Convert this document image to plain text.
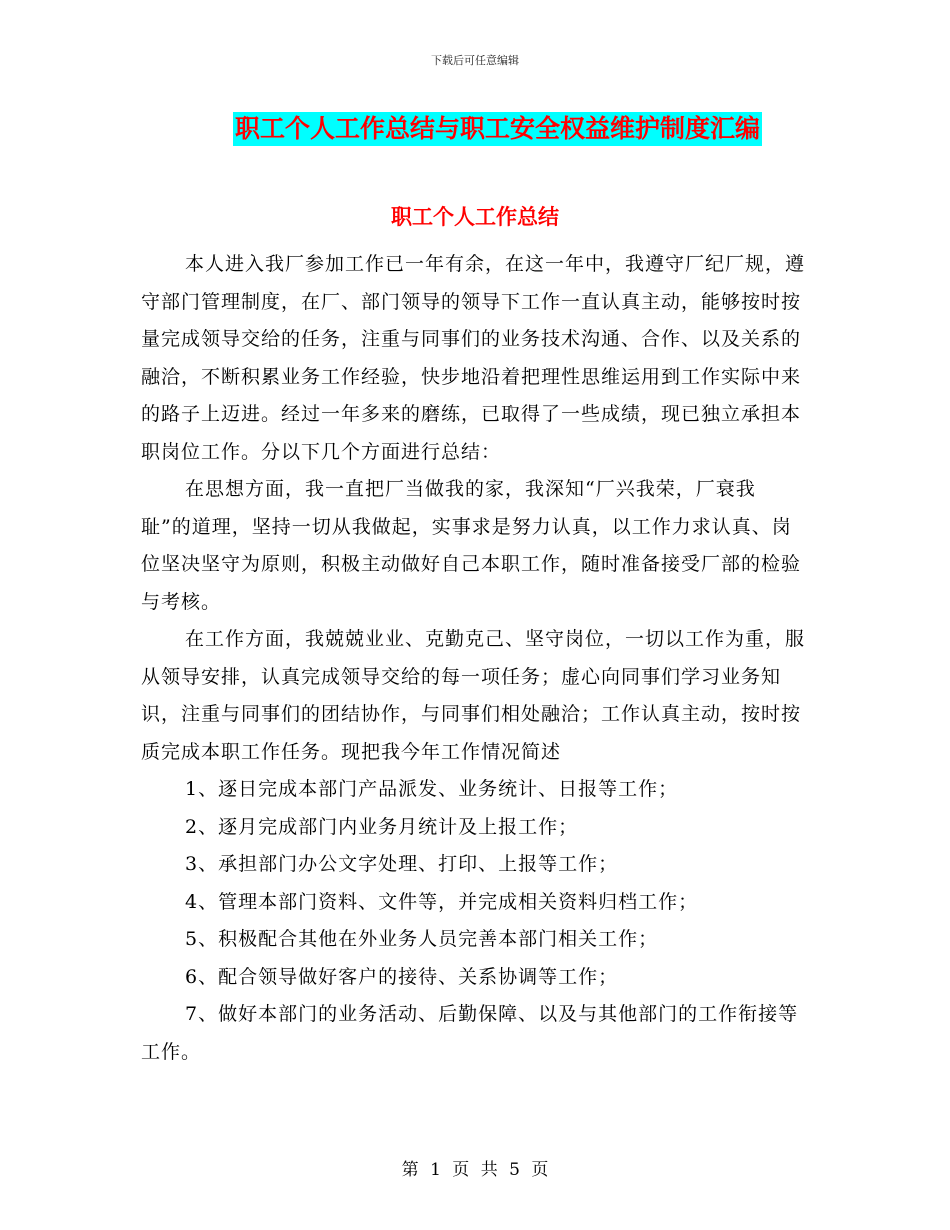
下载后可任意编辑
职工个人工作总结与职工安全权益维护制度汇编
职工个人工作总结

本人进入我厂参加工作已一年有余，在这一年中，我遵守厂纪厂规，遵守部门管理制度，在厂、部门领导的领导下工作一直认真主动，能够按时按量完成领导交给的任务，注重与同事们的业务技术沟通、合作、以及关系的融洽，不断积累业务工作经验，快步地沿着把理性思维运用到工作实际中来的路子上迈进。经过一年多来的磨练，已取得了一些成绩，现已独立承担本职岗位工作。分以下几个方面进行总结：

在思想方面，我一直把厂当做我的家，我深知“厂兴我荣，厂衰我耻”的道理，坚持一切从我做起，实事求是努力认真，以工作力求认真、岗位坚决坚守为原则，积极主动做好自己本职工作，随时准备接受厂部的检验与考核。

在工作方面，我兢兢业业、克勤克己、坚守岗位，一切以工作为重，服从领导安排，认真完成领导交给的每一项任务；虚心向同事们学习业务知识，注重与同事们的团结协作，与同事们相处融洽；工作认真主动，按时按质完成本职工作任务。现把我今年工作情况简述

1、逐日完成本部门产品派发、业务统计、日报等工作；

2、逐月完成部门内业务月统计及上报工作；

3、承担部门办公文字处理、打印、上报等工作；

4、管理本部门资料、文件等，并完成相关资料归档工作；

5、积极配合其他在外业务人员完善本部门相关工作；

6、配合领导做好客户的接待、关系协调等工作；

7、做好本部门的业务活动、后勤保障、以及与其他部门的工作衔接等工作。

第 1 页 共 5 页
